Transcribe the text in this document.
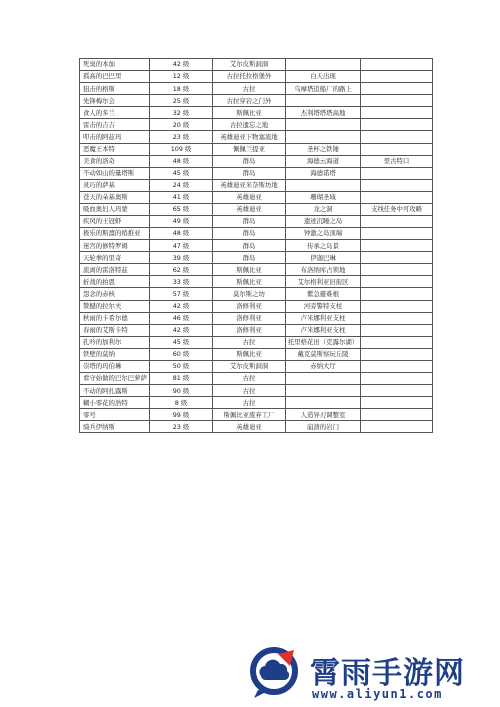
死臭的本加	42 级	艾尔皮斯洞洞		
孤高的巴巴里	12 级	古拉托拉格堡外	白天出现	
狙击的格斯	18 级	古拉	乌摩塔追船厂的路上	
先锋梅尔会	25 级	古拉穿岩之门外		
食人的多兰	32 级	斯佩比亚	杰利塔塔塔高地	
雷击的吉吉	20 级	古拉遗忘之地		
叩击的阿兹玛	23 级	英雄迪亚下物塞流地		
恶魔王本特	109 级	佩佩兰提亚	圣杯之铁锤	
美食的洛奇	48 级	群岛	海德云海道	里古特口
不动如山的量塔斯	45 级	群岛	海德诺塔	
灵巧的萨基	24 级	英雄迪亚米奈斯坊地		
苍天的朵基奥斯	41 级	英雄迪亚	珊瑚圣域	
吸血奥妇人玛蒙	65 级	英雄迪亚	龙之洞	支线任务中可攻略
疾风的王冠虾	49 级	群岛	遗迹沉睡之岛	
极乐的斯凛的绡推亚	48 级	群岛	钟激之岛顶端	
迷宫的修特罗姆	47 级	群岛	传承之岛景	
天轮拳的里奇	39 级	群岛	伊迦巴琳	
流离的雷洛特兹	62 级	斯佩比亚	布洛纳库占领地	
折战的拍恩	33 级	斯佩比亚	艾尔格利亚旧街区	
怨念的赤核	57 级	莫尔斯之坊	紫急避难根	
赞撼的拉尔夫	42 级	洛修利亚	河旁警特支柱	
秋雨的卡希尔德	46 级	洛修利亚	卢米娜利亚支柱	
春雨的艾斯卡特	42 级	洛修利亚	卢米娜利亚支柱	
孔吟的加利尔	45 级	古拉	托里格花田（克露尔湖）	
铁壁的莫纳	60 级	斯佩比亚	戴克莫斯察玩丘陵	
崇塔的玛伯琳	50 级	艾尔皮斯洞洞	赤纳大厅	
看守始做的巴尔巴萝萨	81 级	古拉		
不动的阿扎露斯	90 级	古拉		
糊小零花的浩特	8 级	古拉		
零号	99 级	斯佩比亚废弃工厂	人造异刃调整室	
骑兵伊纳斯	23 级	英雄迪亚	崩溃的岩门	
霄雨手游网
www.aliyun1.com
